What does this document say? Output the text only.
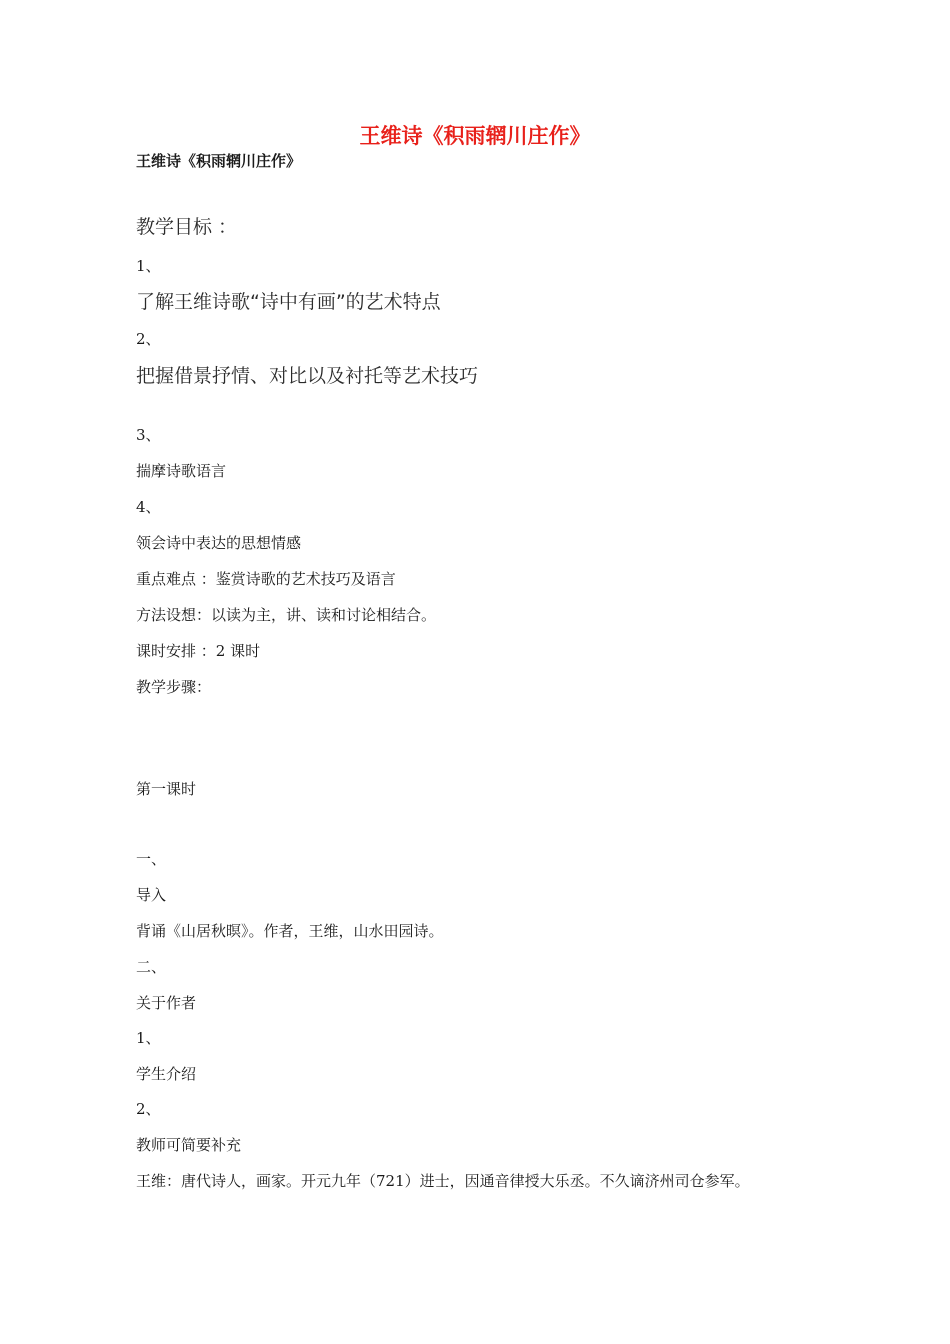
王维诗《积雨辋川庄作》
王维诗《积雨辋川庄作》
教学目标 ：
1、
了解王维诗歌“诗中有画”的艺术特点
2、
把握借景抒情、对比以及衬托等艺术技巧
3、
揣摩诗歌语言
4、
领会诗中表达的思想情感
重点难点 ：鉴赏诗歌的艺术技巧及语言
方法设想：以读为主，讲、读和讨论相结合。
课时安排 ：2 课时
教学步骤：
第一课时
一、
导入
背诵《山居秋暝》。作者，王维，山水田园诗。
二、
关于作者
1、
学生介绍
2、
教师可简要补充
王维：唐代诗人，画家。开元九年（721）进士，因通音律授大乐丞。不久谪济州司仓参军。
